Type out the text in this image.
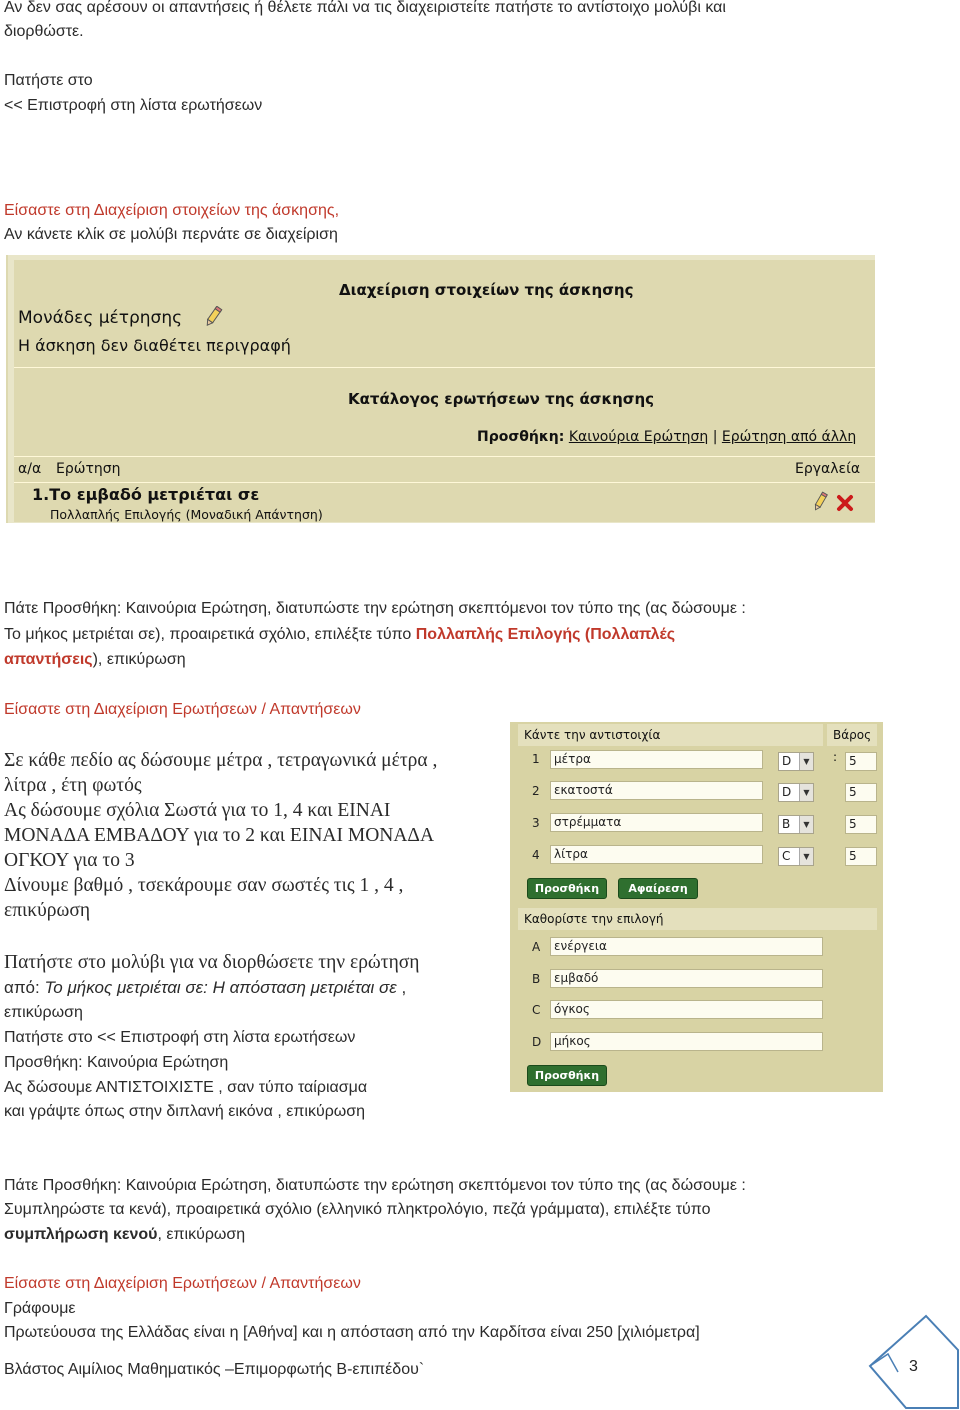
Αν δεν σας αρέσουν οι απαντήσεις ή θέλετε πάλι να τις διαχειριστείτε πατήστε το αντίστοιχο μολύβι και
διορθώστε.
Πατήστε στο
<< Επιστροφή στη λίστα ερωτήσεων
Είσαστε στη Διαχείριση στοιχείων της άσκησης,
Αν κάνετε κλίκ σε μολύβι περνάτε σε διαχείριση
Διαχείριση στοιχείων της άσκησης
Μονάδες μέτρησης
Η άσκηση δεν διαθέτει περιγραφή
Κατάλογος ερωτήσεων της άσκησης
Προσθήκη: Καινούρια Ερώτηση | Ερώτηση από άλλη
α/α Ερώτηση	Εργαλεία
1.Το εμβαδό μετριέται σε
Πολλαπλής Επιλογής (Μοναδική Απάντηση)
Πάτε Προσθήκη: Καινούρια Ερώτηση, διατυπώστε την ερώτηση σκεπτόμενοι τον τύπο της (ας δώσουμε :
Το μήκος μετριέται σε), προαιρετικά σχόλιο, επιλέξτε τύπο Πολλαπλής Επιλογής (Πολλαπλές
απαντήσεις), επικύρωση
Είσαστε στη Διαχείριση Ερωτήσεων / Απαντήσεων
Σε κάθε πεδίο ας δώσουμε μέτρα , τετραγωνικά μέτρα ,
λίτρα , έτη φωτός
Ας δώσουμε σχόλια Σωστά για το 1, 4 και ΕΙΝΑΙ
ΜΟΝΑΔΑ ΕΜΒΑΔΟΥ για το 2 και ΕΙΝΑΙ ΜΟΝΑΔΑ
ΟΓΚΟΥ για το 3
Δίνουμε βαθμό , τσεκάρουμε σαν σωστές τις 1 , 4 ,
επικύρωση
Πατήστε στο μολύβι για να διορθώσετε την ερώτηση
από: Το μήκος μετριέται σε: Η απόσταση μετριέται σε ,
επικύρωση
Πατήστε στο << Επιστροφή στη λίστα ερωτήσεων
Προσθήκη: Καινούρια Ερώτηση
Ας δώσουμε ΑΝΤΙΣΤΟΙΧΙΣΤΕ , σαν τύπο ταίριασμα
και γράψτε όπως στην διπλανή εικόνα , επικύρωση
Κάντε την αντιστοιχία	Βάρος :
1	μέτρα	D	▼	5
2	εκατοστά	D	▼	5
3	στρέμματα	B	▼	5
4	λίτρα	C	▼	5
Προσθήκη	Αφαίρεση
Καθορίστε την επιλογή
A	ενέργεια
B	εμβαδό
C	όγκος
D	μήκος
Προσθήκη
Πάτε Προσθήκη: Καινούρια Ερώτηση, διατυπώστε την ερώτηση σκεπτόμενοι τον τύπο της (ας δώσουμε :
Συμπληρώστε τα κενά), προαιρετικά σχόλιο (ελληνικό πληκτρολόγιο, πεζά γράμματα), επιλέξτε τύπο
συμπλήρωση κενού, επικύρωση
Είσαστε στη Διαχείριση Ερωτήσεων / Απαντήσεων
Γράφουμε
Πρωτεύουσα της Ελλάδας είναι η [Αθήνα] και η απόσταση από την Καρδίτσα είναι 250 [χιλιόμετρα]
Βλάστος Αιμίλιος Μαθηματικός –Επιμορφωτής Β-επιπέδου`	3
